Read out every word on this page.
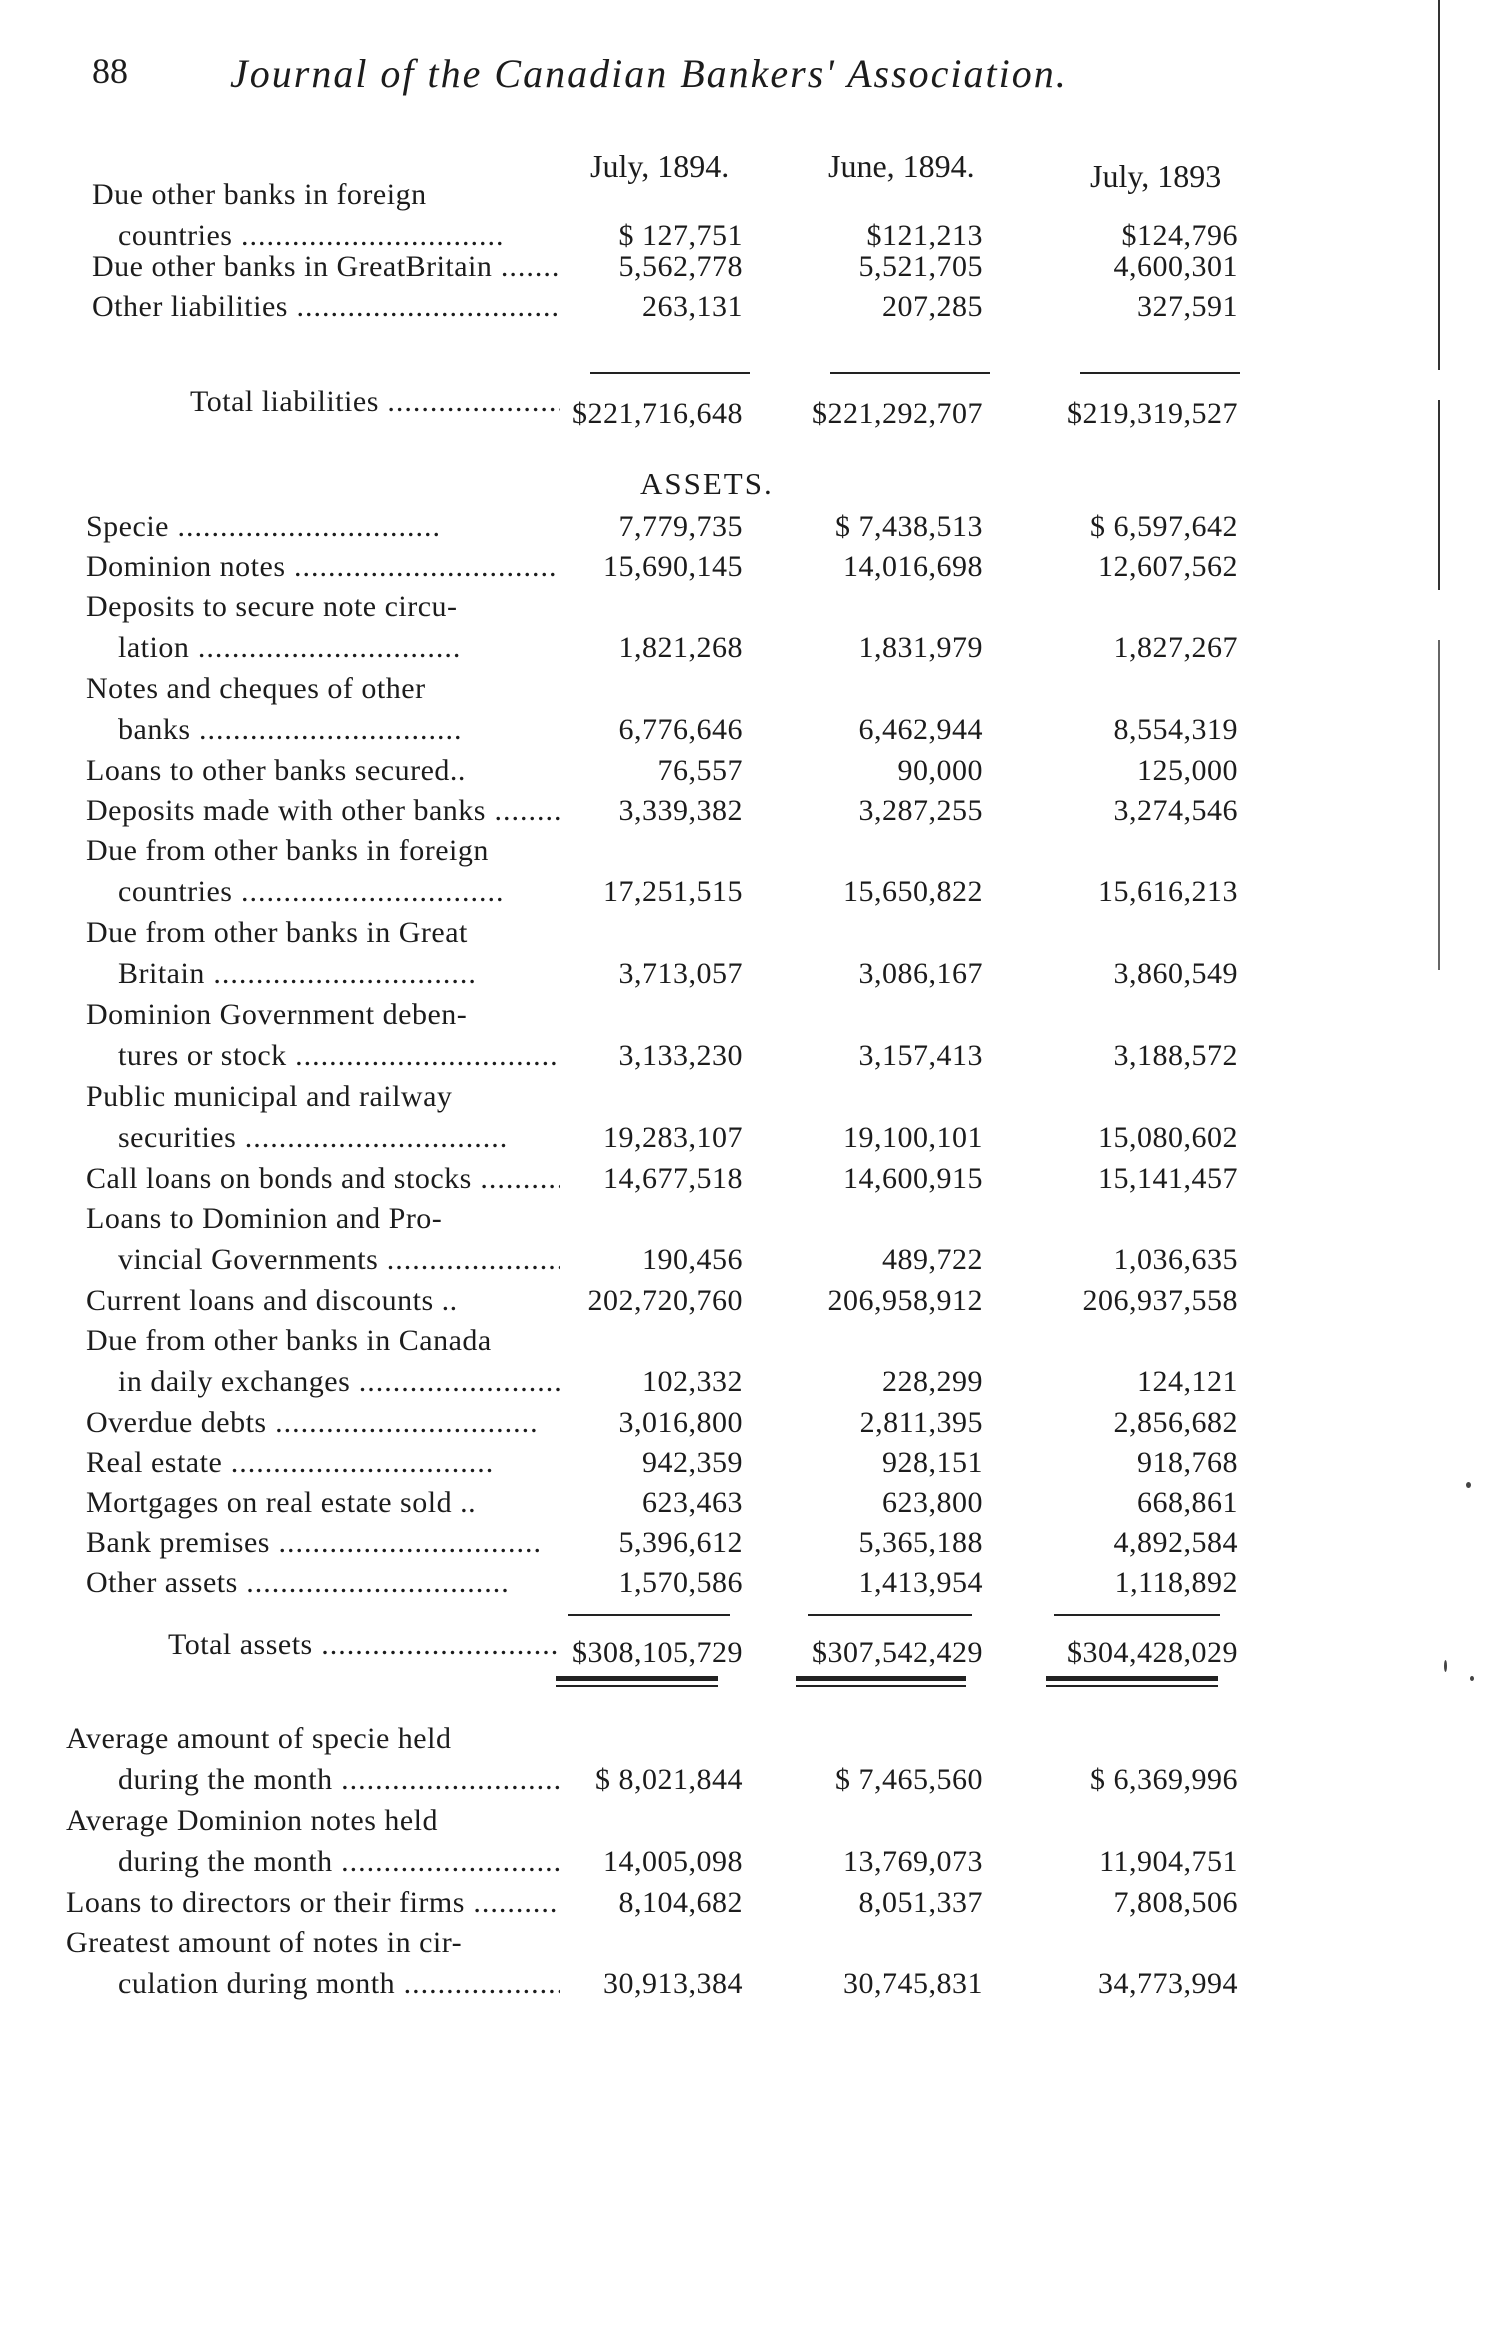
88	Journal of the Canadian Bankers' Association.
July, 1894.	June, 1894.	July, 1893
ASSETS.
Due other banks in foreign
countries .....	$ 127,751	$121,213	$124,796
Due other banks in GreatBritain .....	5,562,778	5,521,705	4,600,301
Other liabilities .....	263,131	207,285	327,591
Total liabilities .....	$221,716,648 $221,292,707	$219,319,527
Specie .....	7,779,735	$ 7,438,513	$ 6,597,642
Dominion notes .....	15,690,145	14,016,698	12,607,562
Deposits to secure note circu-
lation .....	1,821,268	1,831,979	1,827,267
Notes and cheques of other
banks .....	6,776,646	6,462,944	8,554,319
Loans to other banks secured..	76,557	90,000	125,000
Deposits made with other banks .....	3,339,382	3,287,255	3,274,546
Due from other banks in foreign
countries .....	17,251,515	15,650,822	15,616,213
Due from other banks in Great
Britain .....	3,713,057	3,086,167	3,860,549
Dominion Government deben-
tures or stock .....	3,133,230	3,157,413	3,188,572
Public municipal and railway
securities .....	19,283,107	19,100,101	15,080,602
Call loans on bonds and stocks .....	14,677,518	14,600,915	15,141,457
Loans to Dominion and Pro-
vincial Governments .....	190,456	489,722	1,036,635
Current loans and discounts ..	202,720,760	206,958,912	206,937,558
Due from other banks in Canada
in daily exchanges .....	102,332	228,299	124,121
Overdue debts .....	3,016,800	2,811,395	2,856,682
Real estate .....	942,359	928,151	918,768
Mortgages on real estate sold ..	623,463	623,800	668,861
Bank premises .....	5,396,612	5,365,188	4,892,584
Other assets .....	1,570,586	1,413,954	1,118,892
Total assets .....	$308,105,729 $307,542,429	$304,428,029
Average amount of specie held
during the month .....	$ 8,021,844	$ 7,465,560	$ 6,369,996
Average Dominion notes held
during the month .....	14,005,098	13,769,073	11,904,751
Loans to directors or their firms .....	8,104,682	8,051,337	7,808,506
Greatest amount of notes in cir-
culation during month .....	30,913,384	30,745,831	34,773,994
